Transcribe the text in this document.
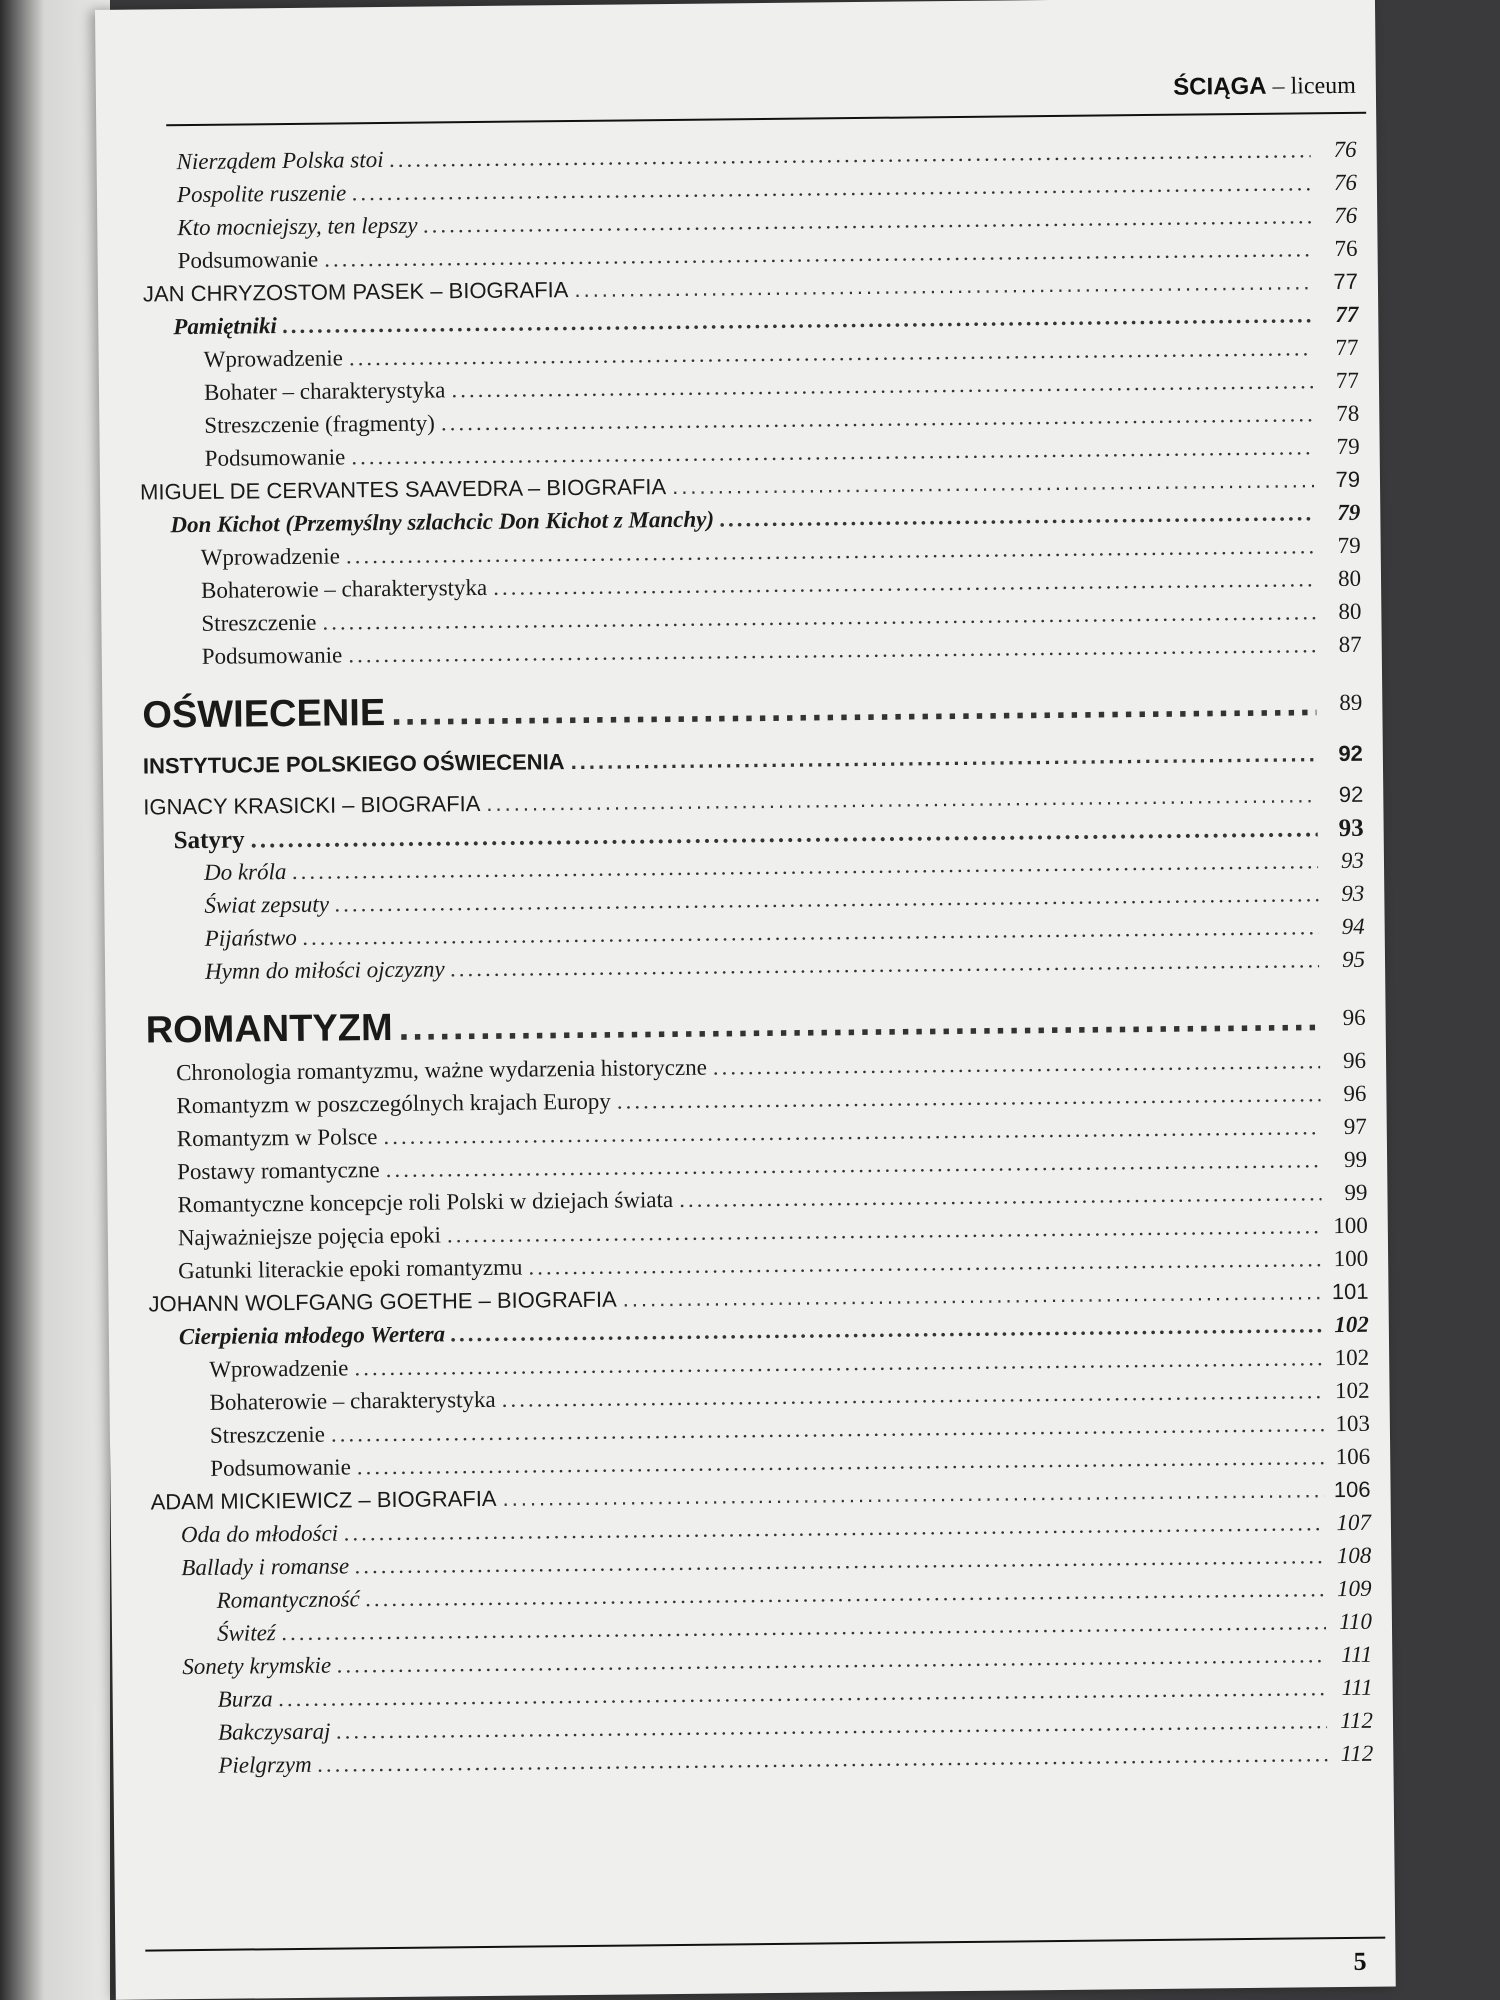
ŚCIĄGA – liceum
Nierządem Polska stoi .....	76
Pospolite ruszenie .....	76
Kto mocniejszy, ten lepszy .....	76
Podsumowanie .....	76
JAN CHRYZOSTOM PASEK – BIOGRAFIA .....	77
Pamiętniki .....	77
Wprowadzenie .....	77
Bohater – charakterystyka .....	77
Streszczenie (fragmenty) .....	78
Podsumowanie .....	79
MIGUEL DE CERVANTES SAAVEDRA – BIOGRAFIA .....	79
Don Kichot (Przemyślny szlachcic Don Kichot z Manchy) .....	79
Wprowadzenie .....	79
Bohaterowie – charakterystyka .....	80
Streszczenie .....	80
Podsumowanie .....	87
OŚWIECENIE .....	89
INSTYTUCJE POLSKIEGO OŚWIECENIA .....	92
IGNACY KRASICKI – BIOGRAFIA .....	92
Satyry .....	93
Do króla .....	93
Świat zepsuty .....	93
Pijaństwo .....	94
Hymn do miłości ojczyzny .....	95
ROMANTYZM .....	96
Chronologia romantyzmu, ważne wydarzenia historyczne .....	96
Romantyzm w poszczególnych krajach Europy .....	96
Romantyzm w Polsce .....	97
Postawy romantyczne .....	99
Romantyczne koncepcje roli Polski w dziejach świata .....	99
Najważniejsze pojęcia epoki .....	100
Gatunki literackie epoki romantyzmu .....	100
JOHANN WOLFGANG GOETHE – BIOGRAFIA .....	101
Cierpienia młodego Wertera .....	102
Wprowadzenie .....	102
Bohaterowie – charakterystyka .....	102
Streszczenie .....	103
Podsumowanie .....	106
ADAM MICKIEWICZ – BIOGRAFIA .....	106
Oda do młodości .....	107
Ballady i romanse .....	108
Romantyczność .....	109
Świteź .....	110
Sonety krymskie .....	111
Burza .....	111
Bakczysaraj .....	112
Pielgrzym .....	112
5
